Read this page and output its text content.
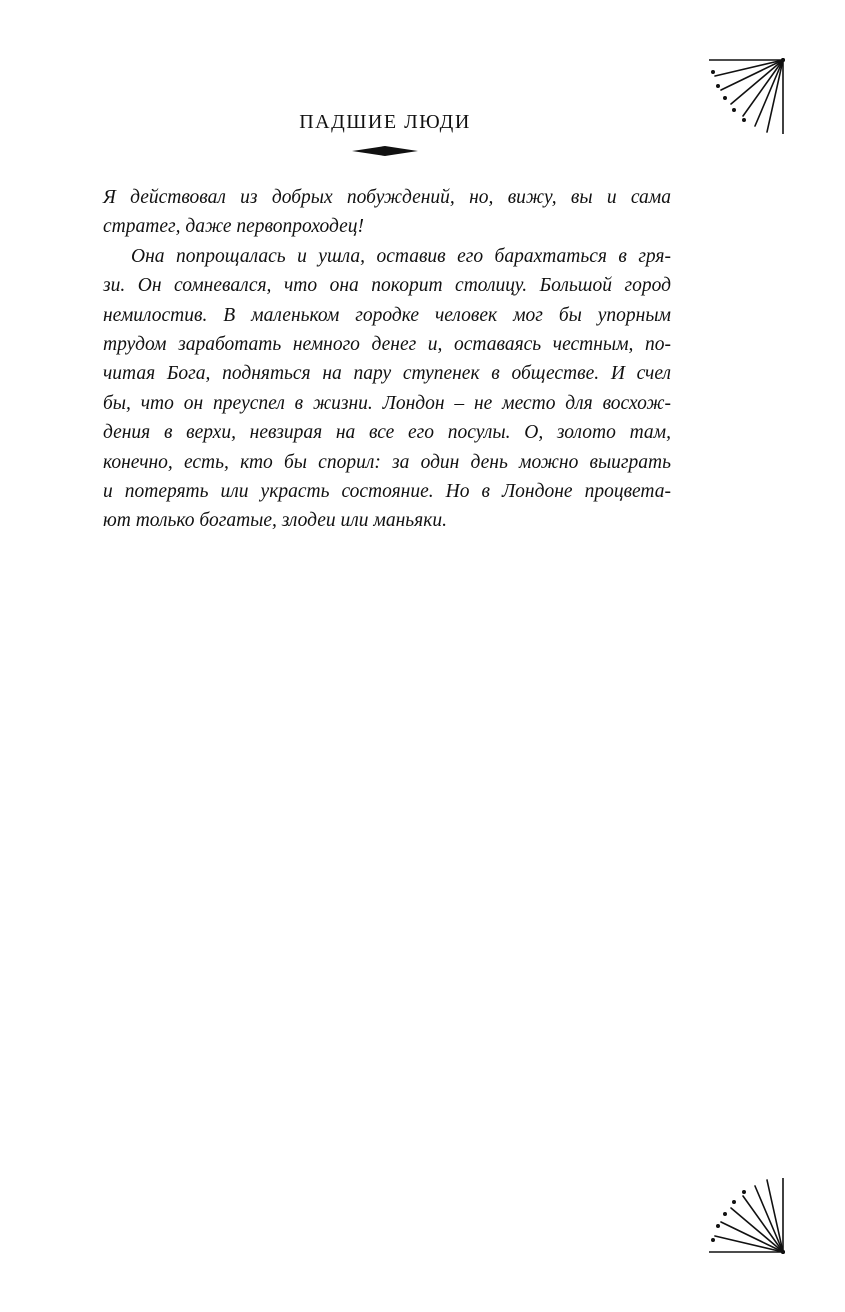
ПАДШИЕ ЛЮДИ
Я действовал из добрых побуждений, но, вижу, вы и сама
стратег, даже первопроходец!
Она попрощалась и ушла, оставив его барахтаться в гря-
зи. Он сомневался, что она покорит столицу. Большой город
немилостив. В маленьком городке человек мог бы упорным
трудом заработать немного денег и, оставаясь честным, по-
читая Бога, подняться на пару ступенек в обществе. И счел
бы, что он преуспел в жизни. Лондон – не место для восхож-
дения в верхи, невзирая на все его посулы. О, золото там,
конечно, есть, кто бы спорил: за один день можно выиграть
и потерять или украсть состояние. Но в Лондоне процвета-
ют только богатые, злодеи или маньяки.
